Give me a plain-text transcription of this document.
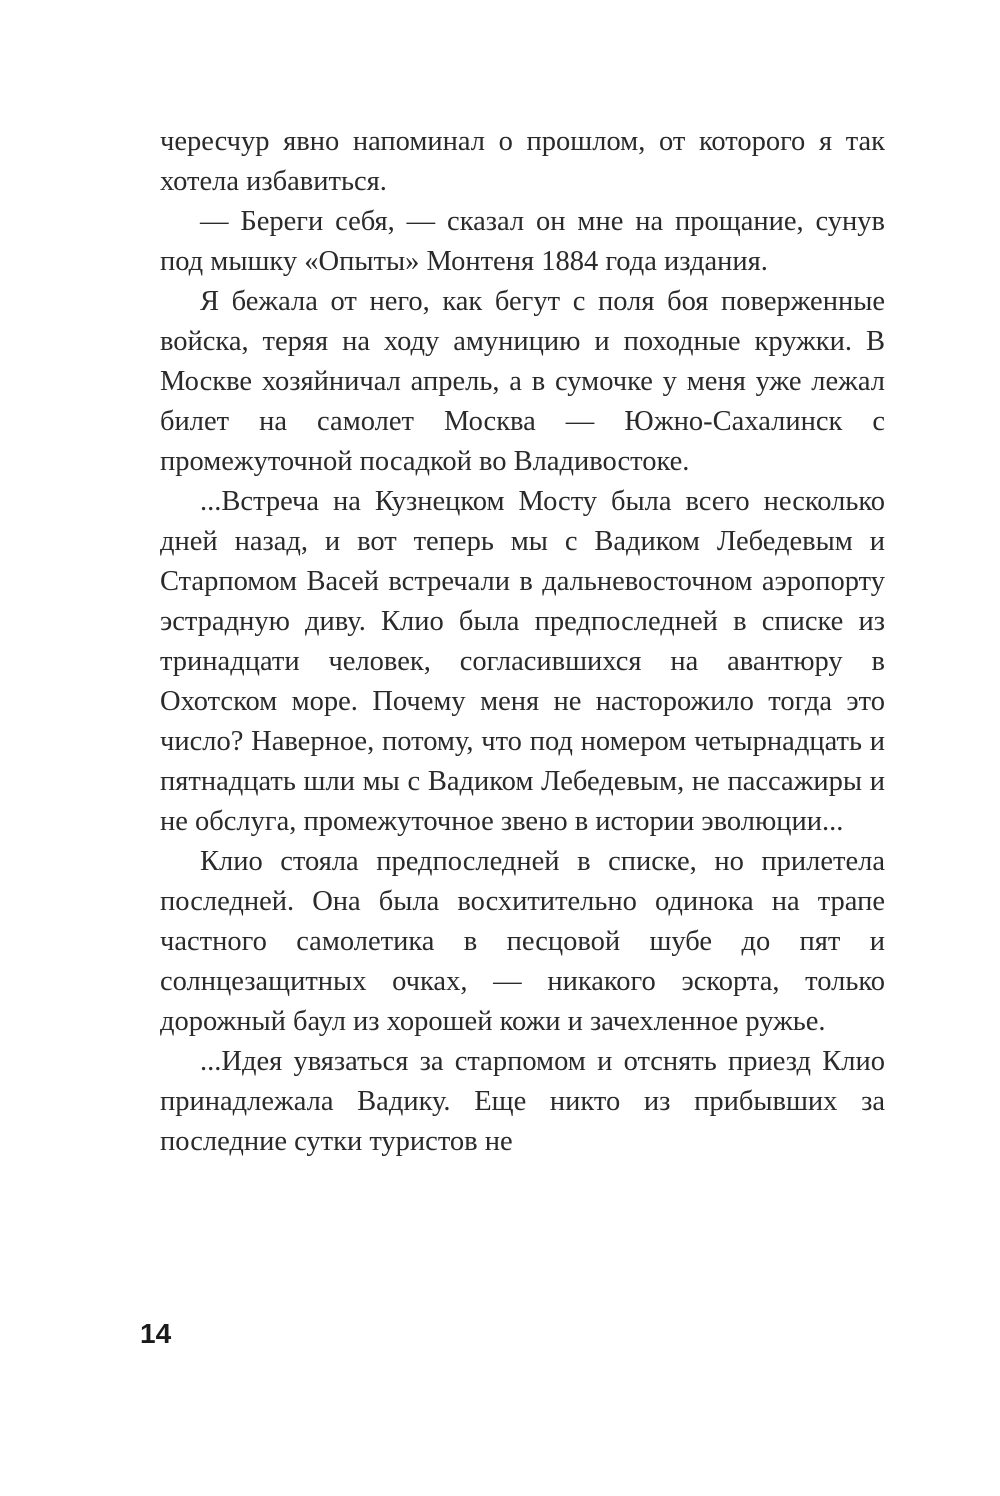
чересчур явно напоминал о прошлом, от которого я так хотела избавиться.

— Береги себя, — сказал он мне на прощание, сунув под мышку «Опыты» Монтеня 1884 года издания.

Я бежала от него, как бегут с поля боя поверженные войска, теряя на ходу амуницию и походные кружки. В Москве хозяйничал апрель, а в сумочке у меня уже лежал билет на самолет Москва — Южно-Сахалинск с промежуточной посадкой во Владивостоке.

...Встреча на Кузнецком Мосту была всего несколько дней назад, и вот теперь мы с Вадиком Лебедевым и Старпомом Васей встречали в дальневосточном аэропорту эстрадную диву. Клио была предпоследней в списке из тринадцати человек, согласившихся на авантюру в Охотском море. Почему меня не насторожило тогда это число? Наверное, потому, что под номером четырнадцать и пятнадцать шли мы с Вадиком Лебедевым, не пассажиры и не обслуга, промежуточное звено в истории эволюции...

Клио стояла предпоследней в списке, но прилетела последней. Она была восхитительно одинока на трапе частного самолетика в песцовой шубе до пят и солнцезащитных очках, — никакого эскорта, только дорожный баул из хорошей кожи и зачехленное ружье.

...Идея увязаться за старпомом и отснять приезд Клио принадлежала Вадику. Еще никто из прибывших за последние сутки туристов не

14
